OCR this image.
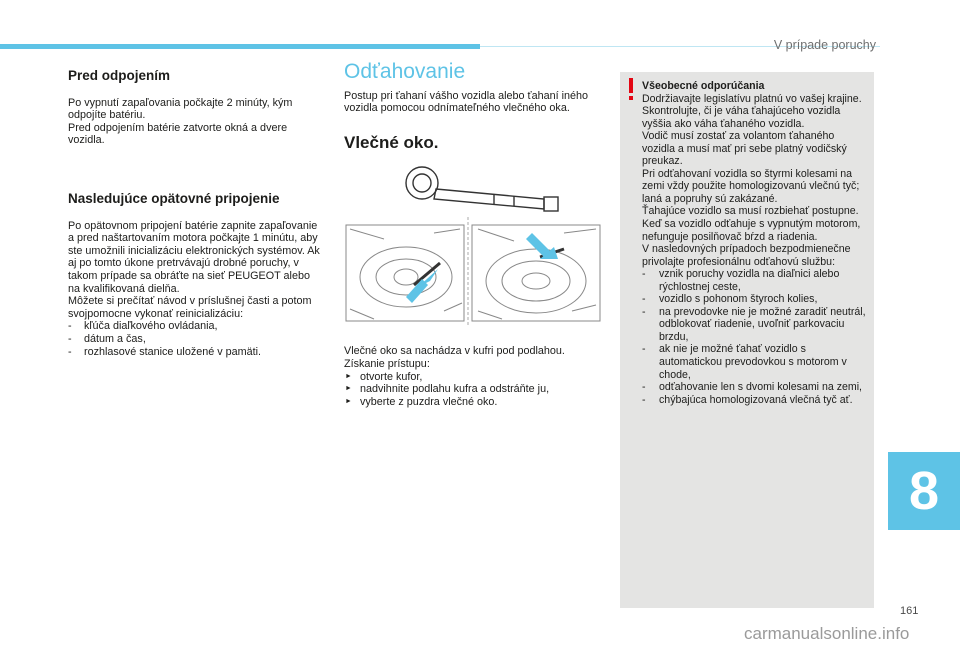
V prípade poruchy
Pred odpojením

Po vypnutí zapaľovania počkajte 2 minúty, kým odpojíte batériu.
Pred odpojením batérie zatvorte okná a dvere vozidla.

Nasledujúce opätovné pripojenie

Po opätovnom pripojení batérie zapnite zapaľovanie a pred naštartovaním motora počkajte 1 minútu, aby ste umožnili inicializáciu elektronických systémov. Ak aj po tomto úkone pretrvávajú drobné poruchy, v takom prípade sa obráťte na sieť PEUGEOT alebo na kvalifikovaná dielňa.
Môžete si prečítať návod v príslušnej časti a potom svojpomocne vykonať reinicializáciu:

- kľúča diaľkového ovládania,
- dátum a čas,
- rozhlasové stanice uložené v pamäti.
Odťahovanie

Postup pri ťahaní vášho vozidla alebo ťahaní iného vozidla pomocou odnímateľného vlečného oka.

Vlečné oko.

Vlečné oko sa nachádza v kufri pod podlahou.
Získanie prístupu:

► otvorte kufor,
► nadvihnite podlahu kufra a odstráňte ju,
► vyberte z puzdra vlečné oko.
Všeobecné odporúčania

Dodržiavajte legislatívu platnú vo vašej krajine.
Skontrolujte, či je váha ťahajúceho vozidla vyššia ako váha ťahaného vozidla.
Vodič musí zostať za volantom ťahaného vozidla a musí mať pri sebe platný vodičský preukaz.
Pri odťahovaní vozidla so štyrmi kolesami na zemi vždy použite homologizovanú vlečnú tyč; laná a popruhy sú zakázané.
Ťahajúce vozidlo sa musí rozbiehať postupne.
Keď sa vozidlo odťahuje s vypnutým motorom, nefunguje posilňovač bŕzd a riadenia.
V nasledovných prípadoch bezpodmienečne privolajte profesionálnu odťahovú službu:

- vznik poruchy vozidla na diaľnici alebo rýchlostnej ceste,
- vozidlo s pohonom štyroch kolies,
- na prevodovke nie je možné zaradiť neutrál, odblokovať riadenie, uvoľniť parkovaciu brzdu,
- ak nie je možné ťahať vozidlo s automatickou prevodovkou s motorom v chode,
- odťahovanie len s dvomi kolesami na zemi,
- chýbajúca homologizovaná vlečná tyč ať.
8
161
carmanualsonline.info
